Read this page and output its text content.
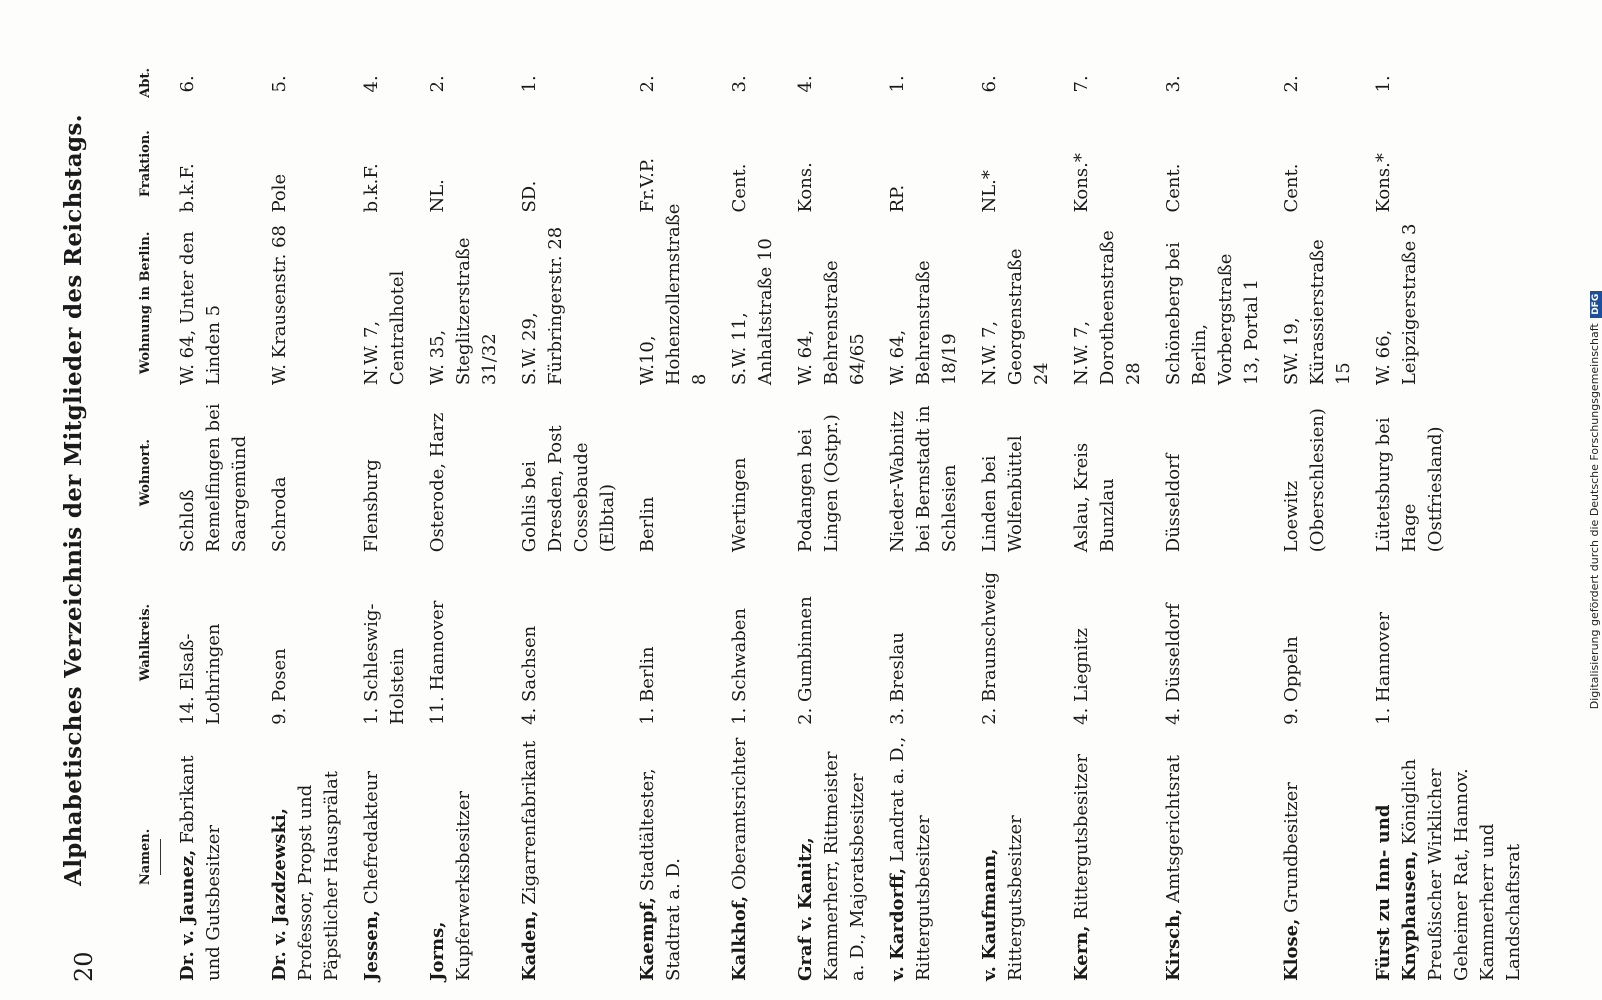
20
Alphabetisches Verzeichnis der Mitglieder des Reichstags.	Namen.	Wahlkreis.	Wohnort.	Wohnung in Berlin.	Fraktion.	Abt.
Dr. v. Jaunez, Fabrikant und Gutsbesitzer	14. Elsaß-Lothringen	Schloß Remelfingen bei Saargemünd	W. 64, Unter den Linden 5	b.k.F.	6.
Dr. v. Jazdzewski, Professor, Propst und Päpstlicher Hausprälat	9. Posen	Schroda	W. Krausenstr. 68	Pole	5.
Jessen, Chefredakteur	1. Schleswig-Holstein	Flensburg	N.W. 7, Centralhotel	b.k.F.	4.
Jorns, Kupferwerksbesitzer	11. Hannover	Osterode, Harz	W. 35, Steglitzerstraße 31/32	NL.	2.
Kaden, Zigarrenfabrikant	4. Sachsen	Gohlis bei Dresden, Post Cossebaude (Elbtal)	S.W. 29, Fürbringerstr. 28	SD.	1.
Kaempf, Stadtältester, Stadtrat a. D.	1. Berlin	Berlin	W.10, Hohenzollernstraße 8	Fr.V.P.	2.
Kalkhof, Oberamtsrichter	1. Schwaben	Wertingen	S.W. 11, Anhaltstraße 10	Cent.	3.
Graf v. Kanitz, Kammerherr, Rittmeister a. D., Majoratsbesitzer	2. Gumbinnen	Podangen bei Lingen (Ostpr.)	W. 64, Behrenstraße 64/65	Kons.	4.
v. Kardorff, Landrat a. D., Rittergutsbesitzer	3. Breslau	Nieder-Wabnitz bei Bernstadt in Schlesien	W. 64, Behrenstraße 18/19	RP.	1.
v. Kaufmann, Rittergutsbesitzer	2. Braunschweig	Linden bei Wolfenbüttel	N.W. 7, Georgenstraße 24	NL.*	6.
Kern, Rittergutsbesitzer	4. Liegnitz	Aslau, Kreis Bunzlau	N.W. 7, Dorotheenstraße 28	Kons.*	7.
Kirsch, Amtsgerichtsrat	4. Düsseldorf	Düsseldorf	Schöneberg bei Berlin, Vorbergstraße 13, Portal 1	Cent.	3.
Klose, Grundbesitzer	9. Oppeln	Loewitz (Oberschlesien)	SW. 19, Kürassierstraße 15	Cent.	2.
Fürst zu Inn- und Knyphausen, Königlich Preußischer Wirklicher Geheimer Rat, Hannov. Kammerherr und Landschaftsrat	1. Hannover	Lütetsburg bei Hage (Ostfriesland)	W. 66, Leipzigerstraße 3	Kons.*	1.
Digitalisierung gefördert durch die Deutsche Forschungsgemeinschaft DFG
